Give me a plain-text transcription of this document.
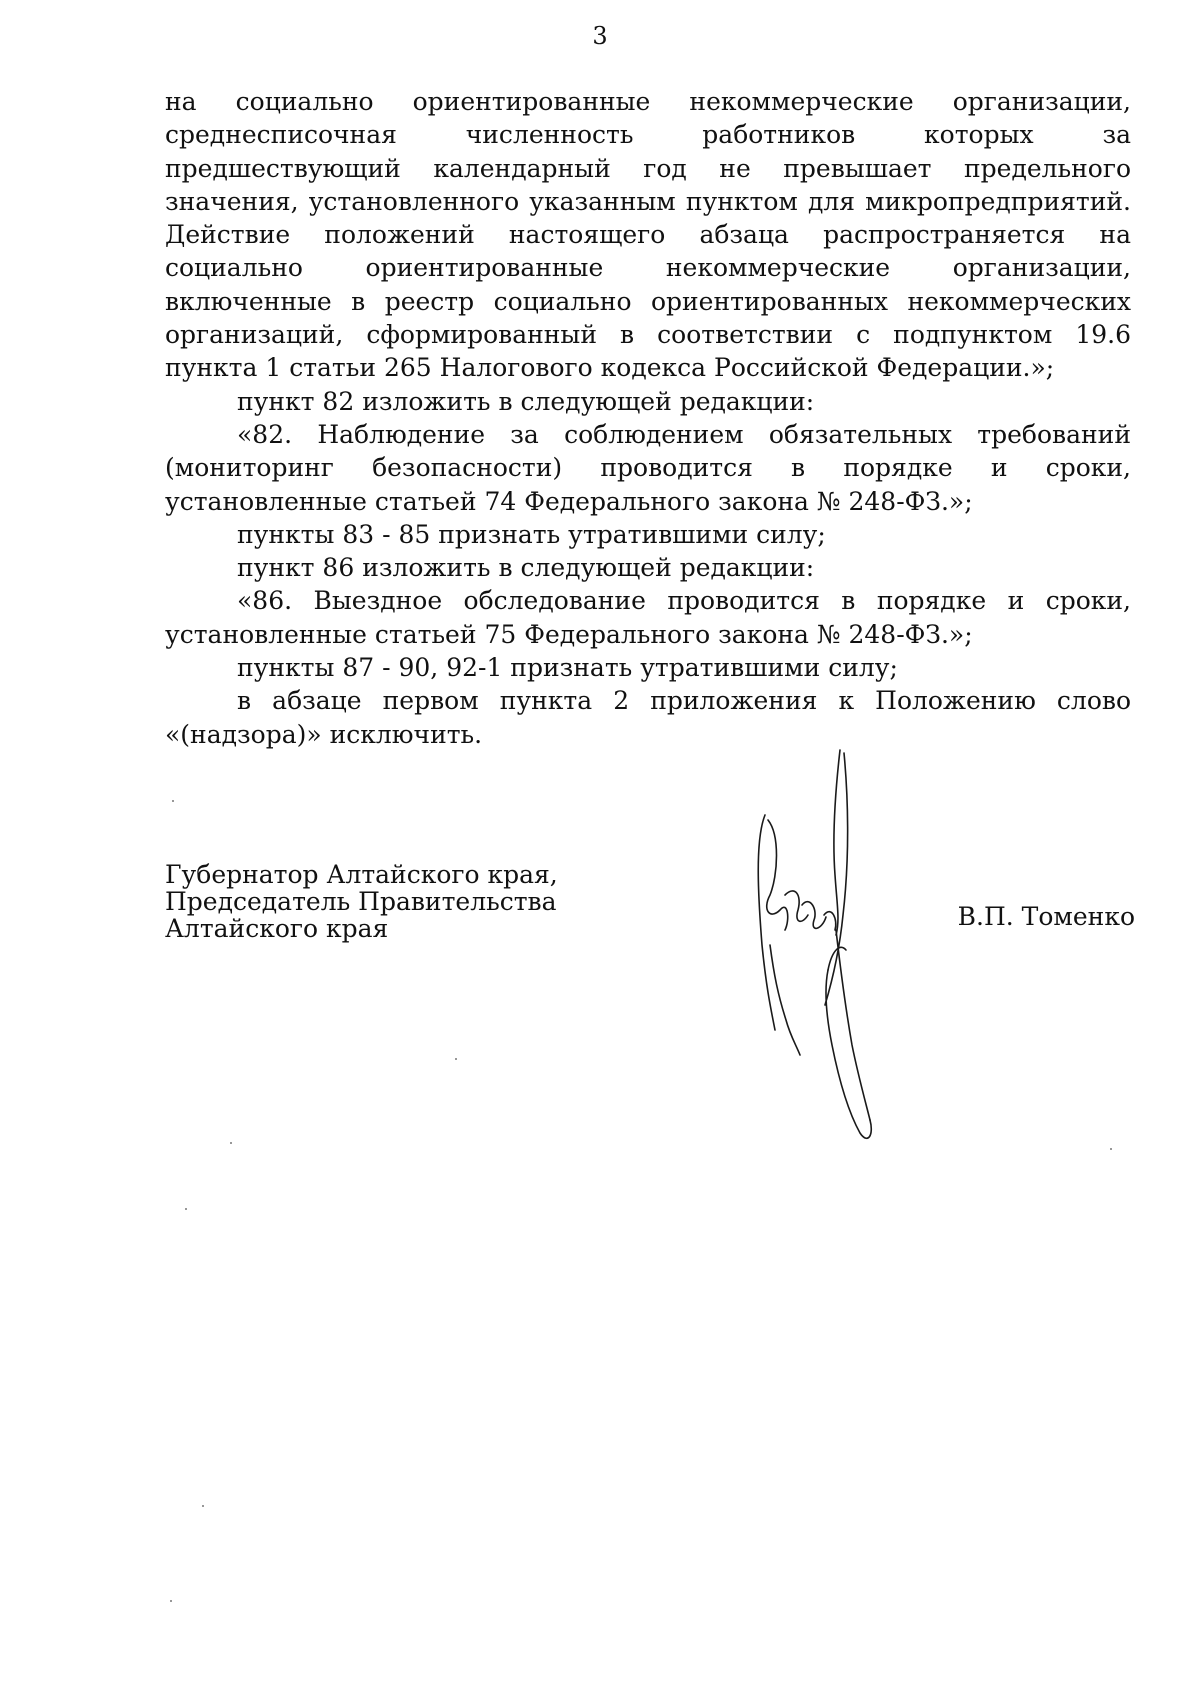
3

на социально ориентированные некоммерческие организации, среднесписочная численность работников которых за предшествующий календарный год не превышает предельного значения, установленного указанным пунктом для микропредприятий. Действие положений настоящего абзаца распространяется на социально ориентированные некоммерческие организации, включенные в реестр социально ориентированных некоммерческих организаций, сформированный в соответствии с подпунктом 19.6 пункта 1 статьи 265 Налогового кодекса Российской Федерации.»;

пункт 82 изложить в следующей редакции:

«82. Наблюдение за соблюдением обязательных требований (мониторинг безопасности) проводится в порядке и сроки, установленные статьей 74 Федерального закона № 248-ФЗ.»;

пункты 83 - 85 признать утратившими силу;

пункт 86 изложить в следующей редакции:

«86. Выездное обследование проводится в порядке и сроки, установленные статьей 75 Федерального закона № 248-ФЗ.»;

пункты 87 - 90, 92-1 признать утратившими силу;

в абзаце первом пункта 2 приложения к Положению слово «(надзора)» исключить.

Губернатор Алтайского края,
Председатель Правительства
Алтайского края	В.П. Томенко
